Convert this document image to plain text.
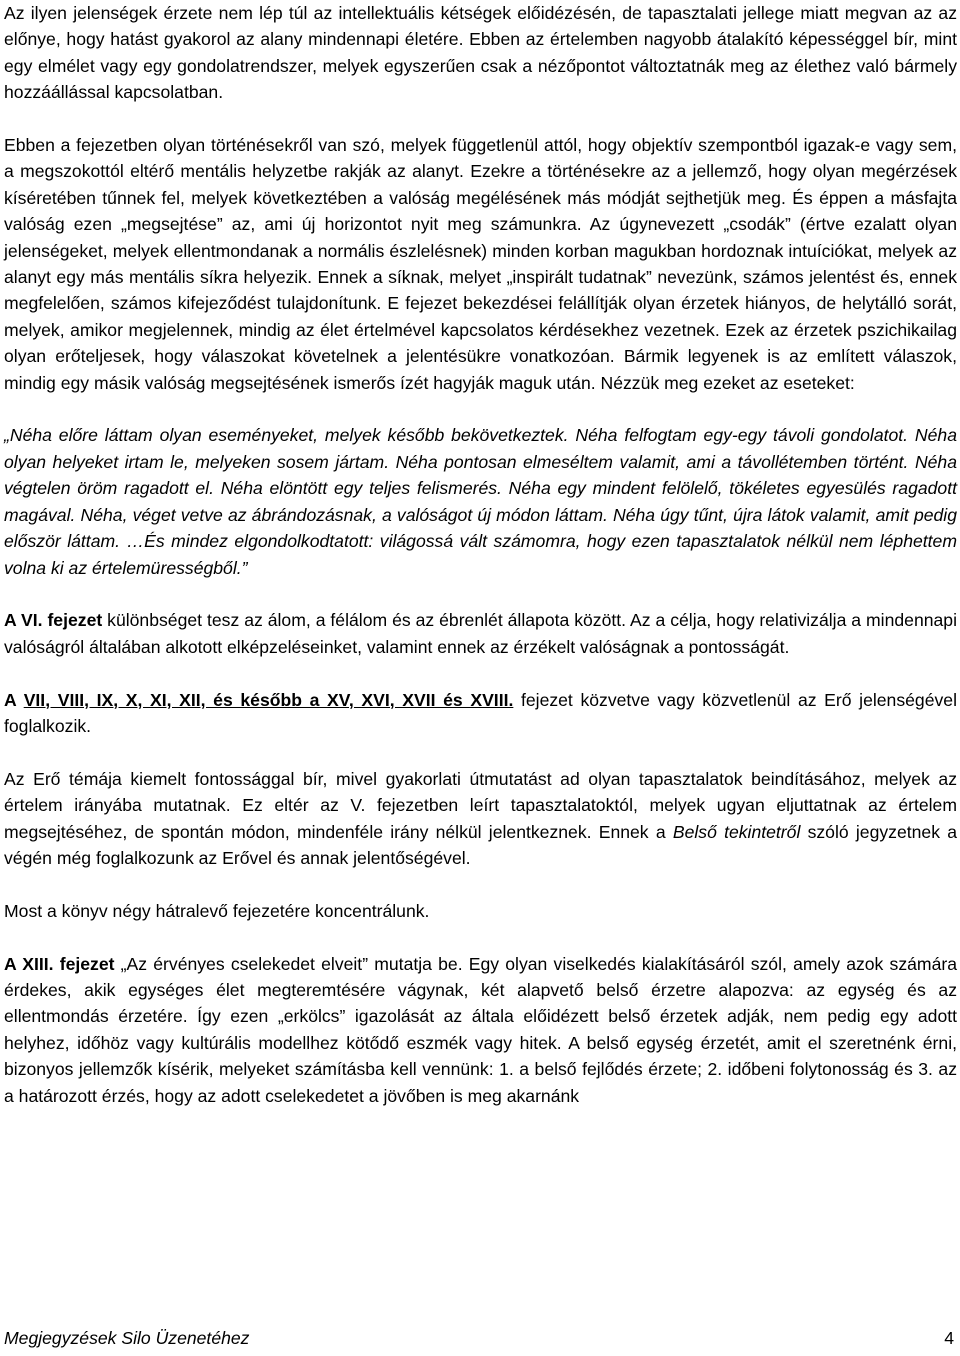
Az ilyen jelenségek érzete nem lép túl az intellektuális kétségek előidézésén, de tapasztalati jellege miatt megvan az az előnye, hogy hatást gyakorol az alany mindennapi életére. Ebben az értelemben nagyobb átalakító képességgel bír, mint egy elmélet vagy egy gondolatrendszer, melyek egyszerűen csak a nézőpontot változtatnák meg az élethez való bármely hozzáállással kapcsolatban.

Ebben a fejezetben olyan történésekről van szó, melyek függetlenül attól, hogy objektív szempontból igazak-e vagy sem, a megszokottól eltérő mentális helyzetbe rakják az alanyt. Ezekre a történésekre az a jellemző, hogy olyan megérzések kíséretében tűnnek fel, melyek következtében a valóság megélésének más módját sejthetjük meg. És éppen a másfajta valóság ezen „megsejtése” az, ami új horizontot nyit meg számunkra. Az úgynevezett „csodák” (értve ezalatt olyan jelenségeket, melyek ellentmondanak a normális észlelésnek) minden korban magukban hordoznak intuíciókat, melyek az alanyt egy más mentális síkra helyezik. Ennek a síknak, melyet „inspirált tudatnak” nevezünk, számos jelentést és, ennek megfelelően, számos kifejeződést tulajdonítunk. E fejezet bekezdései felállítják olyan érzetek hiányos, de helytálló sorát, melyek, amikor megjelennek, mindig az élet értelmével kapcsolatos kérdésekhez vezetnek. Ezek az érzetek pszichikailag olyan erőteljesek, hogy válaszokat követelnek a jelentésükre vonatkozóan. Bármik legyenek is az említett válaszok, mindig egy másik valóság megsejtésének ismerős ízét hagyják maguk után. Nézzük meg ezeket az eseteket:

„Néha előre láttam olyan eseményeket, melyek később bekövetkeztek. Néha felfogtam egy-egy távoli gondolatot. Néha olyan helyeket irtam le, melyeken sosem jártam. Néha pontosan elmeséltem valamit, ami a távollétemben történt. Néha végtelen öröm ragadott el. Néha elöntött egy teljes felismerés. Néha egy mindent felölelő, tökéletes egyesülés ragadott magával. Néha, véget vetve az ábrándozásnak, a valóságot új módon láttam. Néha úgy tűnt, újra látok valamit, amit pedig először láttam. …És mindez elgondolkodtatott: világossá vált számomra, hogy ezen tapasztalatok nélkül nem léphettem volna ki az értelemürességből.”

A VI. fejezet különbséget tesz az álom, a félálom és az ébrenlét állapota között. Az a célja, hogy relativizálja a mindennapi valóságról általában alkotott elképzeléseinket, valamint ennek az érzékelt valóságnak a pontosságát.

A VII, VIII, IX, X, XI, XII, és később a XV, XVI, XVII és XVIII. fejezet közvetve vagy közvetlenül az Erő jelenségével foglalkozik.

Az Erő témája kiemelt fontossággal bír, mivel gyakorlati útmutatást ad olyan tapasztalatok beindításához, melyek az értelem irányába mutatnak. Ez eltér az V. fejezetben leírt tapasztalatoktól, melyek ugyan eljuttatnak az értelem megsejtéséhez, de spontán módon, mindenféle irány nélkül jelentkeznek. Ennek a Belső tekintetről szóló jegyzetnek a végén még foglalkozunk az Erővel és annak jelentőségével.

Most a könyv négy hátralevő fejezetére koncentrálunk.

A XIII. fejezet „Az érvényes cselekedet elveit” mutatja be. Egy olyan viselkedés kialakításáról szól, amely azok számára érdekes, akik egységes élet megteremtésére vágynak, két alapvető belső érzetre alapozva: az egység és az ellentmondás érzetére. Így ezen „erkölcs” igazolását az általa előidézett belső érzetek adják, nem pedig egy adott helyhez, időhöz vagy kultúrális modellhez kötődő eszmék vagy hitek. A belső egység érzetét, amit el szeretnénk érni, bizonyos jellemzők kísérik, melyeket számításba kell vennünk: 1. a belső fejlődés érzete; 2. időbeni folytonosság és 3. az a határozott érzés, hogy az adott cselekedetet a jövőben is meg akarnánk

Megjegyzések Silo Üzenetéhez	4
